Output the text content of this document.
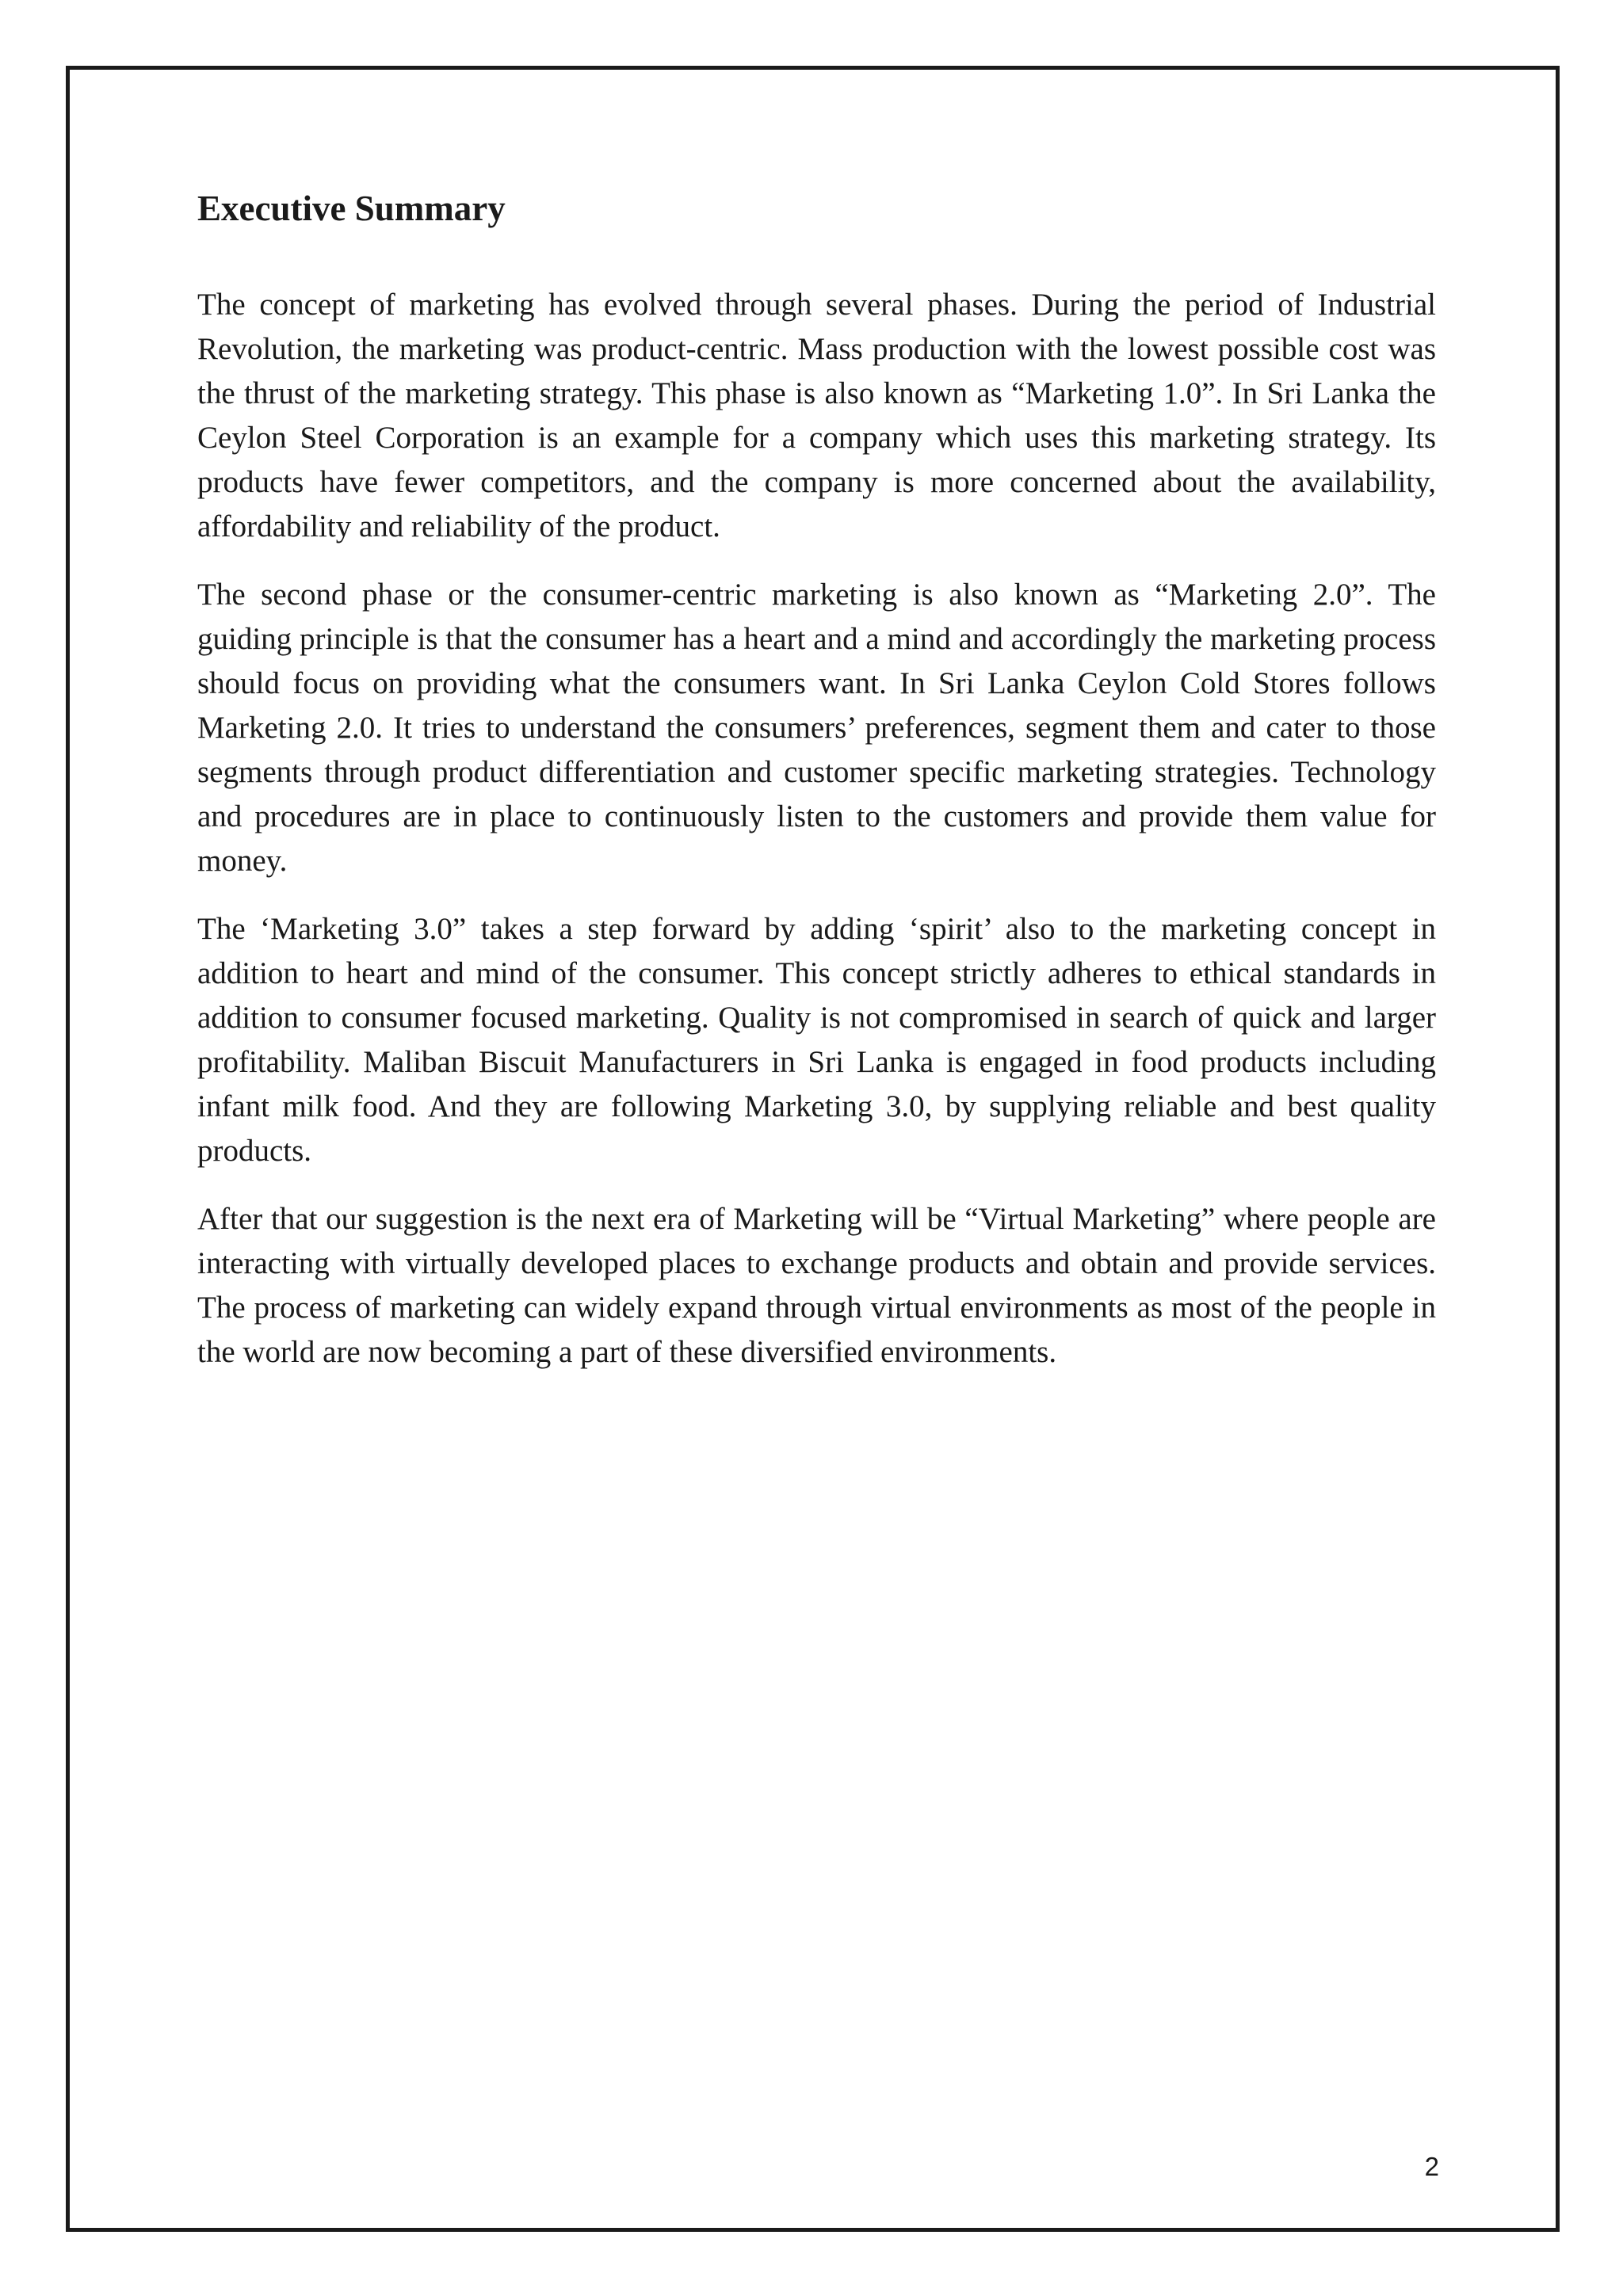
Executive Summary

The concept of marketing has evolved through several phases. During the period of Industrial Revolution, the marketing was product-centric. Mass production with the lowest possible cost was the thrust of the marketing strategy. This phase is also known as “Marketing 1.0”. In Sri Lanka the Ceylon Steel Corporation is an example for a company which uses this marketing strategy. Its products have fewer competitors, and the company is more concerned about the availability, affordability and reliability of the product.

The second phase or the consumer-centric marketing is also known as “Marketing 2.0”. The guiding principle is that the consumer has a heart and a mind and accordingly the marketing process should focus on providing what the consumers want. In Sri Lanka Ceylon Cold Stores follows Marketing 2.0. It tries to understand the consumers’ preferences, segment them and cater to those segments through product differentiation and customer specific marketing strategies. Technology and procedures are in place to continuously listen to the customers and provide them value for money.

The ‘Marketing 3.0” takes a step forward by adding ‘spirit’ also to the marketing concept in addition to heart and mind of the consumer. This concept strictly adheres to ethical standards in addition to consumer focused marketing. Quality is not compromised in search of quick and larger profitability. Maliban Biscuit Manufacturers in Sri Lanka is engaged in food products including infant milk food. And they are following Marketing 3.0, by supplying reliable and best quality products.

After that our suggestion is the next era of Marketing will be “Virtual Marketing” where people are interacting with virtually developed places to exchange products and obtain and provide services. The process of marketing can widely expand through virtual environments as most of the people in the world are now becoming a part of these diversified environments.

2
